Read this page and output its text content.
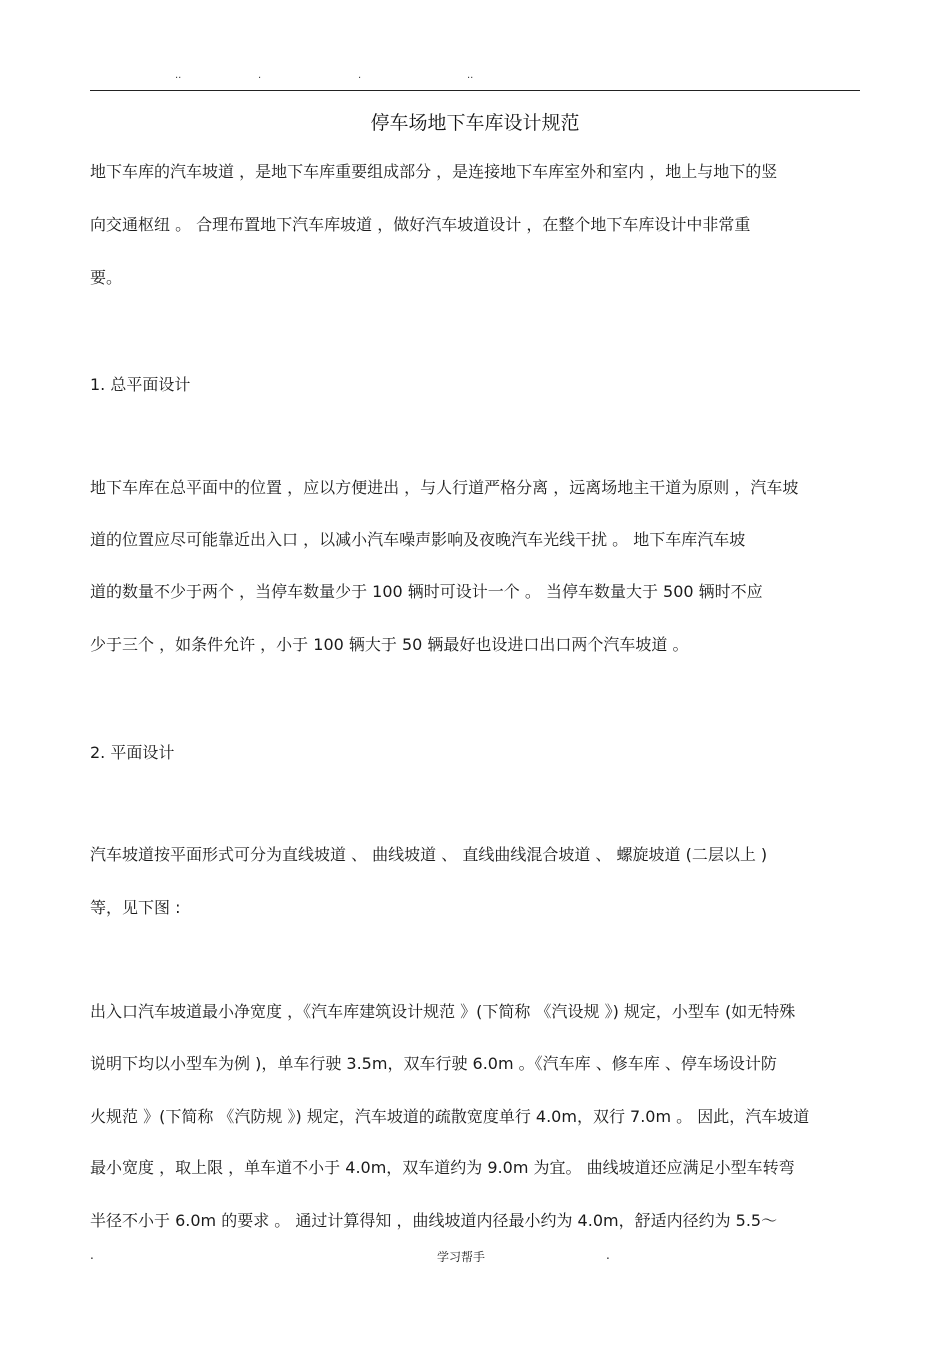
..	.	.	..
停车场地下车库设计规范

地下车库的汽车坡道 ，是地下车库重要组成部分 ，是连接地下车库室外和室内 ，地上与地下的竖

向交通枢纽 。 合理布置地下汽车库坡道 ，做好汽车坡道设计 ，在整个地下车库设计中非常重

要。

1. 总平面设计

地下车库在总平面中的位置 ，应以方便进出 ，与人行道严格分离 ，远离场地主干道为原则 ，汽车坡

道的位置应尽可能靠近出入口 ，以减小汽车噪声影响及夜晚汽车光线干扰 。 地下车库汽车坡

道的数量不少于两个 ，当停车数量少于 100 辆时可设计一个 。 当停车数量大于 500 辆时不应

少于三个 ，如条件允许 ，小于 100 辆大于 50 辆最好也设进口出口两个汽车坡道 。

2. 平面设计

汽车坡道按平面形式可分为直线坡道 、 曲线坡道 、 直线曲线混合坡道 、 螺旋坡道 (二层以上 )

等，见下图 :

出入口汽车坡道最小净宽度 ，《汽车库建筑设计规范 》(下简称 《汽设规 》) 规定，小型车 (如无特殊

说明下均以小型车为例 )，单车行驶 3.5m，双车行驶 6.0m 。《汽车库 、修车库 、停车场设计防

火规范 》(下简称 《汽防规 》) 规定，汽车坡道的疏散宽度单行 4.0m，双行 7.0m 。 因此，汽车坡道

最小宽度 ，取上限 ，单车道不小于 4.0m，双车道约为 9.0m 为宜。 曲线坡道还应满足小型车转弯

半径不小于 6.0m 的要求 。 通过计算得知 ，曲线坡道内径最小约为 4.0m，舒适内径约为 5.5～

.	学习帮手	.
